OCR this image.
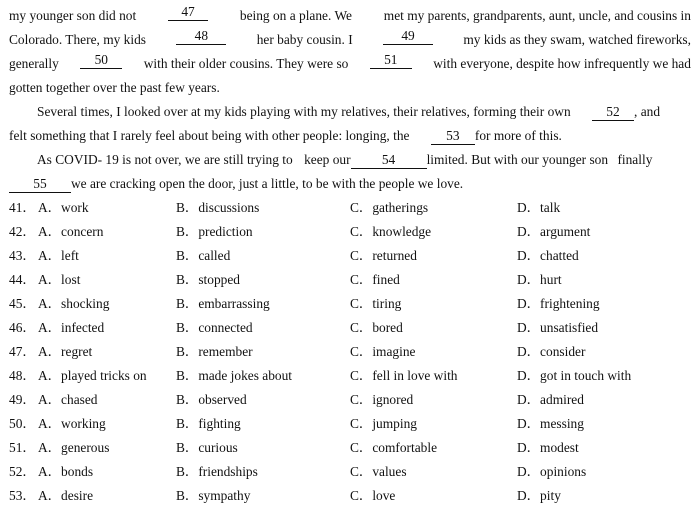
my younger son did not	47	being on a plane. We met my parents, grandparents, aunt, uncle, and cousins in
Colorado. There, my kids	48	her baby cousin. I	49	my kids as they swam, watched fireworks,
generally	50	with their older cousins. They were so	51	with everyone, despite how infrequently we had
gotten together over the past few years.
Several times, I looked over at my kids playing with my relatives, their relatives, forming their own	52 , and
felt something that I rarely feel about being with other people: longing, the	53 for more of this.
As COVID- 19 is not over, we are still trying to keep our 54 limited. But with our younger son finally
55 we are cracking open the door, just a little, to be with the people we love.
41． A．work	B．discussions	C．gatherings	D．talk
42． A．concern	B．prediction	C．knowledge	D．argument
43． A．left	B．called	C．returned	D．chatted
44． A．lost	B．stopped	C．fined	D．hurt
45． A．shocking	B．embarrassing	C．tiring	D．frightening
46． A．infected	B．connected	C．bored	D．unsatisfied
47． A．regret	B．remember	C．imagine	D．consider
48． A．played tricks on B．made jokes about	C．fell in love with	D．got in touch with
49． A．chased	B．observed	C．ignored	D．admired
50． A．working	B．fighting	C．jumping	D．messing
51． A．generous	B．curious	C．comfortable	D．modest
52． A．bonds	B．friendships	C．values	D．opinions
53． A．desire	B．sympathy	C．love	D．pity
